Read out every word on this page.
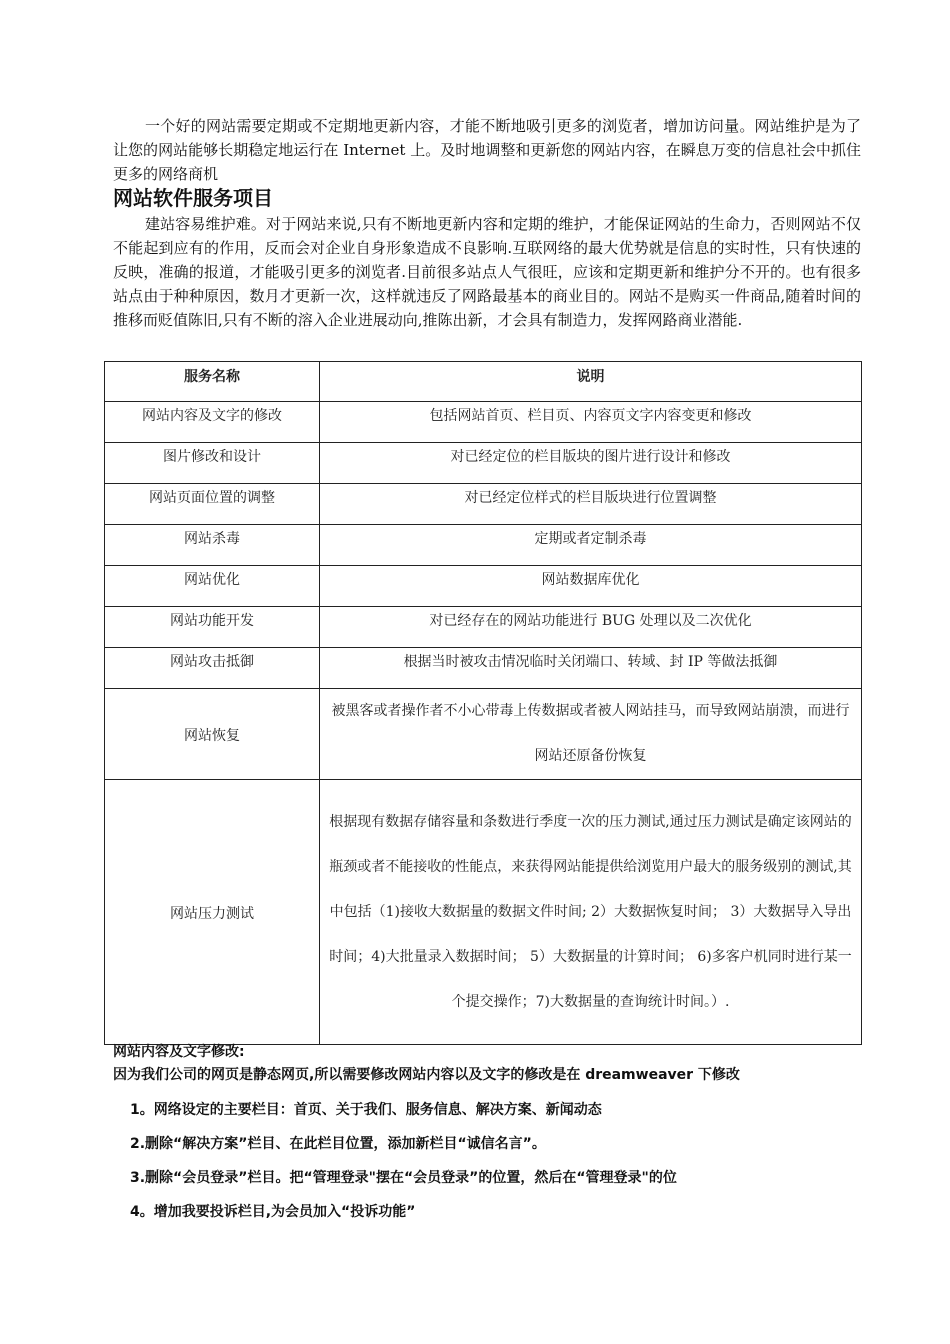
一个好的网站需要定期或不定期地更新内容，才能不断地吸引更多的浏览者，增加访问量。网站维护是为了让您的网站能够长期稳定地运行在 Internet 上。及时地调整和更新您的网站内容，在瞬息万变的信息社会中抓住更多的网络商机

网站软件服务项目

建站容易维护难。对于网站来说,只有不断地更新内容和定期的维护，才能保证网站的生命力，否则网站不仅不能起到应有的作用，反而会对企业自身形象造成不良影响.互联网络的最大优势就是信息的实时性，只有快速的反映，准确的报道，才能吸引更多的浏览者.目前很多站点人气很旺，应该和定期更新和维护分不开的。也有很多站点由于种种原因，数月才更新一次，这样就违反了网路最基本的商业目的。网站不是购买一件商品,随着时间的推移而贬值陈旧,只有不断的溶入企业进展动向,推陈出新，才会具有制造力，发挥网路商业潜能.

服务名称	说明
网站内容及文字的修改	包括网站首页、栏目页、内容页文字内容变更和修改
图片修改和设计	对已经定位的栏目版块的图片进行设计和修改
网站页面位置的调整	对已经定位样式的栏目版块进行位置调整
网站杀毒	定期或者定制杀毒
网站优化	网站数据库优化
网站功能开发	对已经存在的网站功能进行 BUG 处理以及二次优化
网站攻击抵御	根据当时被攻击情况临时关闭端口、转域、封 IP 等做法抵御
网站恢复	被黑客或者操作者不小心带毒上传数据或者被人网站挂马，而导致网站崩溃，而进行网站还原备份恢复
网站压力测试	根据现有数据存储容量和条数进行季度一次的压力测试,通过压力测试是确定该网站的瓶颈或者不能接收的性能点，来获得网站能提供给浏览用户最大的服务级别的测试,其中包括（1)接收大数据量的数据文件时间; 2）大数据恢复时间； 3）大数据导入导出时间；4)大批量录入数据时间； 5）大数据量的计算时间； 6)多客户机同时进行某一个提交操作；7)大数据量的查询统计时间。）.

网站内容及文字修改:

因为我们公司的网页是静态网页,所以需要修改网站内容以及文字的修改是在 dreamweaver 下修改

1。网络设定的主要栏目：首页、关于我们、服务信息、解决方案、新闻动态
2.删除“解决方案”栏目、在此栏目位置，添加新栏目“诚信名言”。
3.删除“会员登录”栏目。把“管理登录"摆在“会员登录”的位置，然后在“管理登录"的位
4。增加我要投诉栏目,为会员加入“投诉功能”
